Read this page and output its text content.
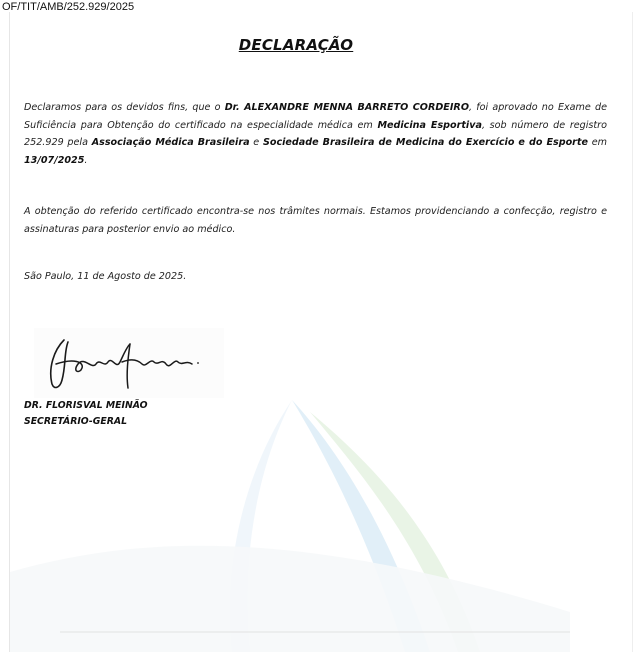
OF/TIT/AMB/252.929/2025
DECLARAÇÃO
Declaramos para os devidos fins, que o Dr. ALEXANDRE MENNA BARRETO CORDEIRO, foi aprovado no Exame de Suficiência para Obtenção do certificado na especialidade médica em Medicina Esportiva, sob número de registro 252.929 pela Associação Médica Brasileira e Sociedade Brasileira de Medicina do Exercício e do Esporte em 13/07/2025.
A obtenção do referido certificado encontra-se nos trâmites normais. Estamos providenciando a confecção, registro e assinaturas para posterior envio ao médico.
São Paulo, 11 de Agosto de 2025.
DR. FLORISVAL MEINÃO
SECRETÁRIO-GERAL
